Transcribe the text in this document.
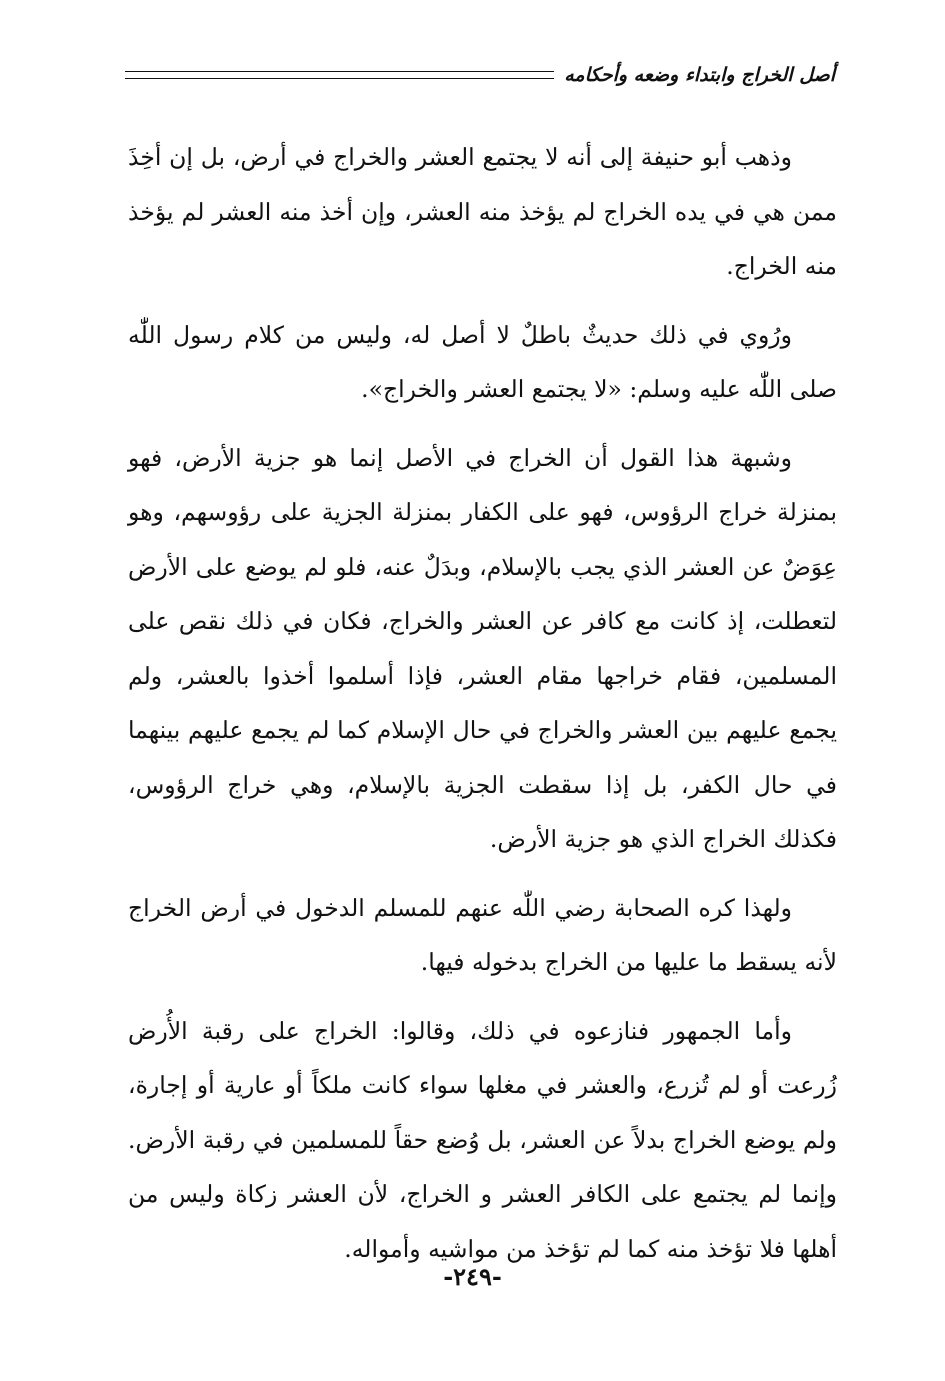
أصل الخراج وابتداء وضعه وأحكامه

وذهب أبو حنيفة إلى أنه لا يجتمع العشر والخراج في أرض، بل إن أخِذَ ممن هي في يده الخراج لم يؤخذ منه العشر، وإن أخذ منه العشر لم يؤخذ منه الخراج.

ورُوي في ذلك حديثٌ باطلٌ لا أصل له، وليس من كلام رسول اللّٰه صلى اللّٰه عليه وسلم: «لا يجتمع العشر والخراج».

وشبهة هذا القول أن الخراج في الأصل إنما هو جزية الأرض، فهو بمنزلة خراج الرؤوس، فهو على الكفار بمنزلة الجزية على رؤوسهم، وهو عِوَضٌ عن العشر الذي يجب بالإسلام، وبدَلٌ عنه، فلو لم يوضع على الأرض لتعطلت، إذ كانت مع كافر عن العشر والخراج، فكان في ذلك نقص على المسلمين، فقام خراجها مقام العشر، فإذا أسلموا أخذوا بالعشر، ولم يجمع عليهم بين العشر والخراج في حال الإسلام كما لم يجمع عليهم بينهما في حال الكفر، بل إذا سقطت الجزية بالإسلام، وهي خراج الرؤوس، فكذلك الخراج الذي هو جزية الأرض.

ولهذا كره الصحابة رضي اللّٰه عنهم للمسلم الدخول في أرض الخراج لأنه يسقط ما عليها من الخراج بدخوله فيها.

وأما الجمهور فنازعوه في ذلك، وقالوا: الخراج على رقبة الأُرض زُرعت أو لم تُزرع، والعشر في مغلها سواء كانت ملكاً أو عارية أو إجارة، ولم يوضع الخراج بدلاً عن العشر، بل وُضع حقاً للمسلمين في رقبة الأرض. وإنما لم يجتمع على الكافر العشر و الخراج، لأن العشر زكاة وليس من أهلها فلا تؤخذ منه كما لم تؤخذ من مواشيه وأمواله.

-٢٤٩-
